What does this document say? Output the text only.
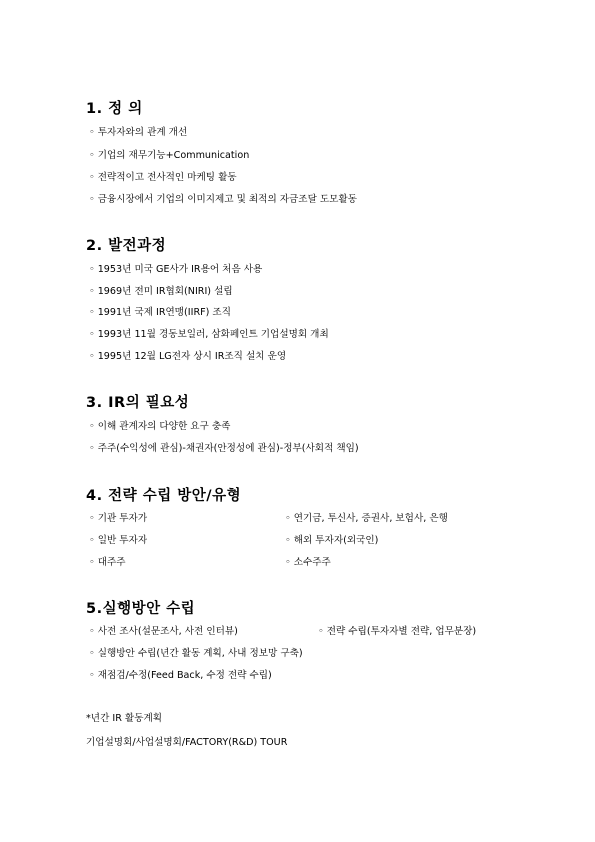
1. 정 의
◦ 투자자와의 관계 개선
◦ 기업의 재무기능+Communication
◦ 전략적이고 전사적인 마케팅 활동
◦ 금융시장에서 기업의 이미지제고 및 최적의 자금조달 도모활동
2. 발전과정
◦ 1953년 미국 GE사가 IR용어 처음 사용
◦ 1969년 전미 IR협회(NIRI) 설립
◦ 1991년 국제 IR연맹(IIRF) 조직
◦ 1993년 11월 경동보일러, 삼화페인트 기업설명회 개최
◦ 1995년 12월 LG전자 상시 IR조직 설치 운영
3. IR의 필요성
◦ 이해 관계자의 다양한 요구 충족
◦ 주주(수익성에 관심)-채권자(안정성에 관심)-정부(사회적 책임)
4. 전략 수립 방안/유형
◦ 기관 투자가	◦ 연기금, 투신사, 증권사, 보험사, 은행
◦ 일반 투자자	◦ 해외 투자자(외국인)
◦ 대주주	◦ 소수주주
5.실행방안 수립
◦ 사전 조사(설문조사, 사전 인터뷰)	◦ 전략 수립(투자자별 전략, 업무분장)
◦ 실행방안 수립(년간 활동 계획, 사내 정보망 구축)
◦ 재점검/수정(Feed Back, 수정 전략 수립)
*년간 IR 활동계획
기업설명회/사업설명회/FACTORY(R&D) TOUR
